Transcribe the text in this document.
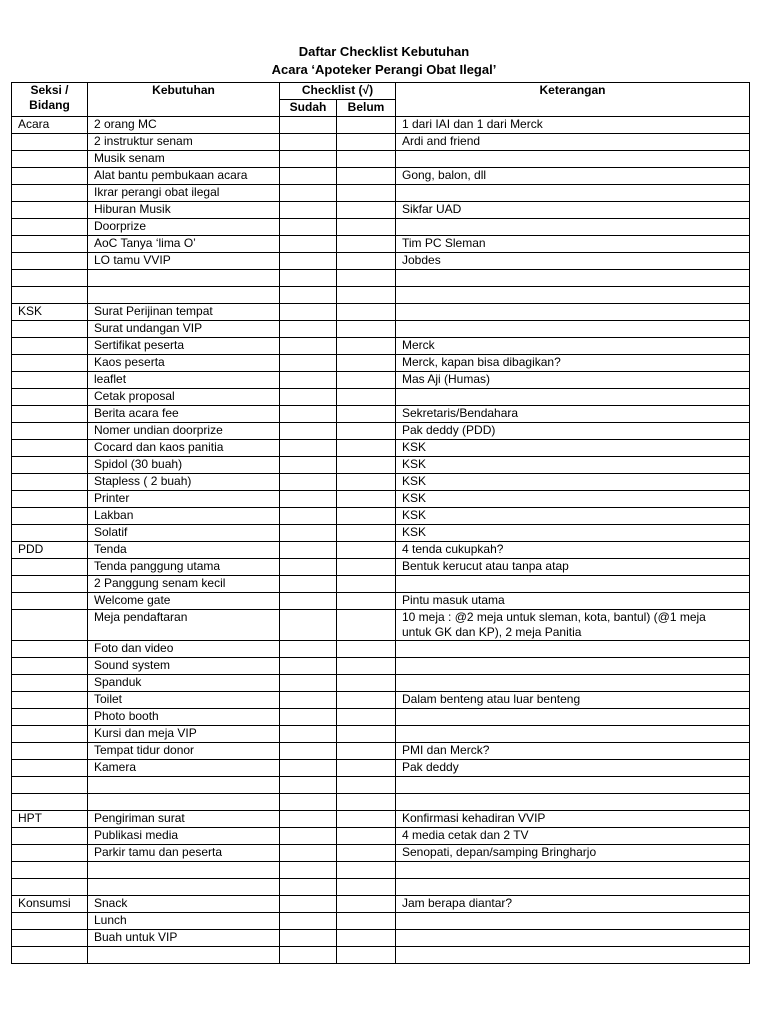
Daftar Checklist Kebutuhan
Acara ‘Apoteker Perangi Obat Ilegal’
Seksi /
Bidang	Kebutuhan	Checklist (√)		Keterangan
		Sudah	Belum	
Acara	2 orang MC			1 dari IAI dan 1 dari Merck
	2 instruktur senam			Ardi and friend
	Musik senam			
	Alat bantu pembukaan acara			Gong, balon, dll
	Ikrar perangi obat ilegal			
	Hiburan Musik			Sikfar UAD
	Doorprize			
	AoC Tanya ‘lima O’			Tim PC Sleman
	LO tamu VVIP			Jobdes

KSK	Surat Perijinan tempat			
	Surat undangan VIP			
	Sertifikat peserta			Merck
	Kaos peserta			Merck, kapan bisa dibagikan?
	leaflet			Mas Aji (Humas)
	Cetak proposal			
	Berita acara fee			Sekretaris/Bendahara
	Nomer undian doorprize			Pak deddy (PDD)
	Cocard dan kaos panitia			KSK
	Spidol (30 buah)			KSK
	Stapless ( 2 buah)			KSK
	Printer			KSK
	Lakban			KSK
	Solatif			KSK
PDD	Tenda			4 tenda cukupkah?
	Tenda panggung utama			Bentuk kerucut atau tanpa atap
	2 Panggung senam kecil			
	Welcome gate			Pintu masuk utama
	Meja pendaftaran			10 meja : @2 meja untuk sleman, kota, bantul) (@1 meja
untuk GK dan KP), 2 meja Panitia

	Foto dan video			
	Sound system			
	Spanduk			
	Toilet			Dalam benteng atau luar benteng
	Photo booth			
	Kursi dan meja VIP			
	Tempat tidur donor			PMI dan Merck?
	Kamera			Pak deddy

HPT	Pengiriman surat			Konfirmasi kehadiran VVIP
	Publikasi media			4 media cetak dan 2 TV
	Parkir tamu dan peserta			Senopati, depan/samping Bringharjo

Konsumsi	Snack			Jam berapa diantar?
	Lunch			
	Buah untuk VIP			
